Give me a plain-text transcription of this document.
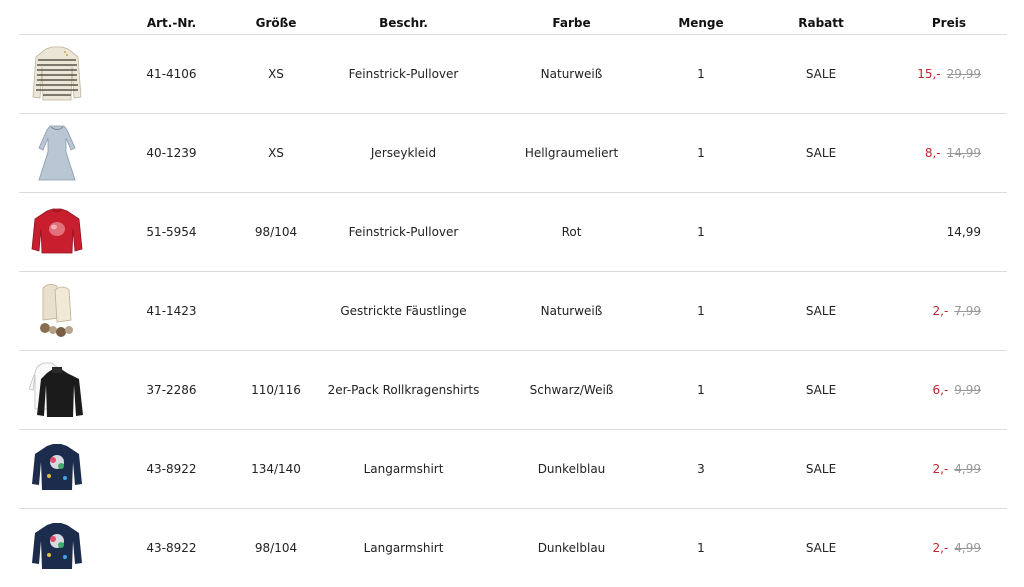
	Art.-Nr.	Größe	Beschr.	Farbe	Menge	Rabatt	Preis

	41-4106	XS	Feinstrick-Pullover	Naturweiß	1	SALE	15,- 29,99

	40-1239	XS	Jerseykleid	Hellgraumeliert	1	SALE	8,- 14,99

	51-5954	98/104	Feinstrick-Pullover	Rot	1		14,99

	41-1423		Gestrickte Fäustlinge	Naturweiß	1	SALE	2,- 7,99

	37-2286	110/116	2er-Pack Rollkragenshirts	Schwarz/Weiß	1	SALE	6,- 9,99

	43-8922	134/140	Langarmshirt	Dunkelblau	3	SALE	2,- 4,99

	43-8922	98/104	Langarmshirt	Dunkelblau	1	SALE	2,- 4,99
